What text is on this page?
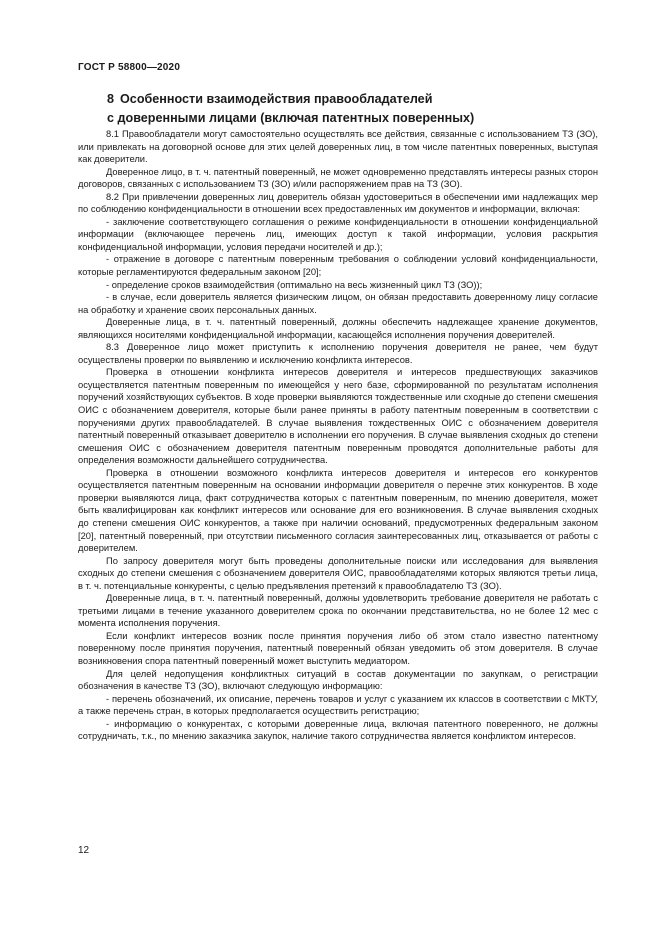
ГОСТ Р 58800—2020
8 Особенности взаимодействия правообладателей
с доверенными лицами (включая патентных поверенных)

8.1 Правообладатели могут самостоятельно осуществлять все действия, связанные с использованием ТЗ (ЗО), или привлекать на договорной основе для этих целей доверенных лиц, в том числе патентных поверенных, выступая как доверители.

Доверенное лицо, в т. ч. патентный поверенный, не может одновременно представлять интересы разных сторон договоров, связанных с использованием ТЗ (ЗО) и/или распоряжением прав на ТЗ (ЗО).

8.2 При привлечении доверенных лиц доверитель обязан удостовериться в обеспечении ими надлежащих мер по соблюдению конфиденциальности в отношении всех предоставленных им документов и информации, включая:

- заключение соответствующего соглашения о режиме конфиденциальности в отношении конфиденциальной информации (включающее перечень лиц, имеющих доступ к такой информации, условия раскрытия конфиденциальной информации, условия передачи носителей и др.);

- отражение в договоре с патентным поверенным требования о соблюдении условий конфиденциальности, которые регламентируются федеральным законом [20];

- определение сроков взаимодействия (оптимально на весь жизненный цикл ТЗ (ЗО));

- в случае, если доверитель является физическим лицом, он обязан предоставить доверенному лицу согласие на обработку и хранение своих персональных данных.

Доверенные лица, в т. ч. патентный поверенный, должны обеспечить надлежащее хранение документов, являющихся носителями конфиденциальной информации, касающейся исполнения поручения доверителей.

8.3 Доверенное лицо может приступить к исполнению поручения доверителя не ранее, чем будут осуществлены проверки по выявлению и исключению конфликта интересов.

Проверка в отношении конфликта интересов доверителя и интересов предшествующих заказчиков осуществляется патентным поверенным по имеющейся у него базе, сформированной по результатам исполнения поручений хозяйствующих субъектов. В ходе проверки выявляются тождественные или сходные до степени смешения ОИС с обозначением доверителя, которые были ранее приняты в работу патентным поверенным в соответствии с поручениями других правообладателей. В случае выявления тождественных ОИС с обозначением доверителя патентный поверенный отказывает доверителю в исполнении его поручения. В случае выявления сходных до степени смешения ОИС с обозначением доверителя патентным поверенным проводятся дополнительные работы для определения возможности дальнейшего сотрудничества.

Проверка в отношении возможного конфликта интересов доверителя и интересов его конкурентов осуществляется патентным поверенным на основании информации доверителя о перечне этих конкурентов. В ходе проверки выявляются лица, факт сотрудничества которых с патентным поверенным, по мнению доверителя, может быть квалифицирован как конфликт интересов или основание для его возникновения. В случае выявления сходных до степени смешения ОИС конкурентов, а также при наличии оснований, предусмотренных федеральным законом [20], патентный поверенный, при отсутствии письменного согласия заинтересованных лиц, отказывается от работы с доверителем.

По запросу доверителя могут быть проведены дополнительные поиски или исследования для выявления сходных до степени смешения с обозначением доверителя ОИС, правообладателями которых являются третьи лица, в т. ч. потенциальные конкуренты, с целью предъявления претензий к правообладателю ТЗ (ЗО).

Доверенные лица, в т. ч. патентный поверенный, должны удовлетворить требование доверителя не работать с третьими лицами в течение указанного доверителем срока по окончании представительства, но не более 12 мес с момента исполнения поручения.

Если конфликт интересов возник после принятия поручения либо об этом стало известно патентному поверенному после принятия поручения, патентный поверенный обязан уведомить об этом доверителя. В случае возникновения спора патентный поверенный может выступить медиатором.

Для целей недопущения конфликтных ситуаций в состав документации по закупкам, о регистрации обозначения в качестве ТЗ (ЗО), включают следующую информацию:

- перечень обозначений, их описание, перечень товаров и услуг с указанием их классов в соответствии с МКТУ, а также перечень стран, в которых предполагается осуществить регистрацию;

- информацию о конкурентах, с которыми доверенные лица, включая патентного поверенного, не должны сотрудничать, т.к., по мнению заказчика закупок, наличие такого сотрудничества является конфликтом интересов.

12
